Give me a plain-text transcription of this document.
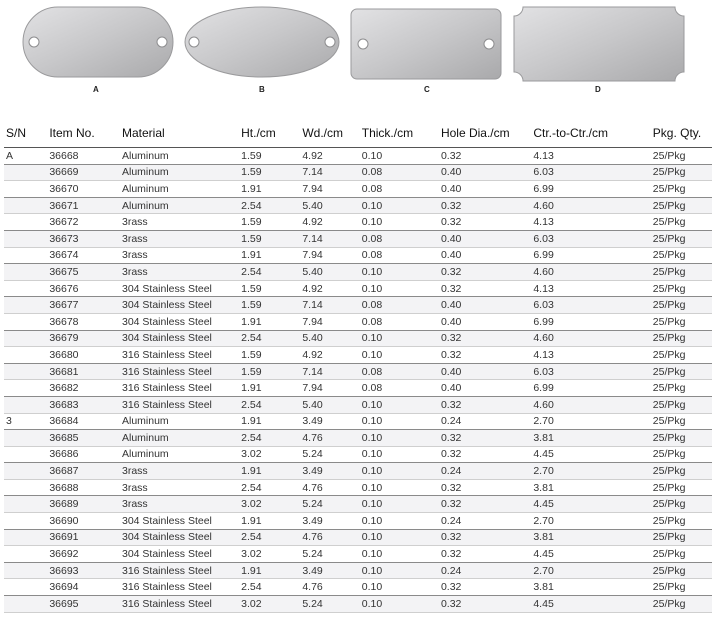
A	B	C	D
S/N	Item No.	Material	Ht./cm	Wd./cm	Thick./cm	Hole Dia./cm	Ctr.-to-Ctr./cm	Pkg. Qty.
A	36668	Aluminum	1.59	4.92	0.10	0.32	4.13	25/Pkg
	36669	Aluminum	1.59	7.14	0.08	0.40	6.03	25/Pkg
	36670	Aluminum	1.91	7.94	0.08	0.40	6.99	25/Pkg
	36671	Aluminum	2.54	5.40	0.10	0.32	4.60	25/Pkg
	36672	3rass	1.59	4.92	0.10	0.32	4.13	25/Pkg
	36673	3rass	1.59	7.14	0.08	0.40	6.03	25/Pkg
	36674	3rass	1.91	7.94	0.08	0.40	6.99	25/Pkg
	36675	3rass	2.54	5.40	0.10	0.32	4.60	25/Pkg
	36676	304 Stainless Steel	1.59	4.92	0.10	0.32	4.13	25/Pkg
	36677	304 Stainless Steel	1.59	7.14	0.08	0.40	6.03	25/Pkg
	36678	304 Stainless Steel	1.91	7.94	0.08	0.40	6.99	25/Pkg
	36679	304 Stainless Steel	2.54	5.40	0.10	0.32	4.60	25/Pkg
	36680	316 Stainless Steel	1.59	4.92	0.10	0.32	4.13	25/Pkg
	36681	316 Stainless Steel	1.59	7.14	0.08	0.40	6.03	25/Pkg
	36682	316 Stainless Steel	1.91	7.94	0.08	0.40	6.99	25/Pkg
	36683	316 Stainless Steel	2.54	5.40	0.10	0.32	4.60	25/Pkg
3	36684	Aluminum	1.91	3.49	0.10	0.24	2.70	25/Pkg
	36685	Aluminum	2.54	4.76	0.10	0.32	3.81	25/Pkg
	36686	Aluminum	3.02	5.24	0.10	0.32	4.45	25/Pkg
	36687	3rass	1.91	3.49	0.10	0.24	2.70	25/Pkg
	36688	3rass	2.54	4.76	0.10	0.32	3.81	25/Pkg
	36689	3rass	3.02	5.24	0.10	0.32	4.45	25/Pkg
	36690	304 Stainless Steel	1.91	3.49	0.10	0.24	2.70	25/Pkg
	36691	304 Stainless Steel	2.54	4.76	0.10	0.32	3.81	25/Pkg
	36692	304 Stainless Steel	3.02	5.24	0.10	0.32	4.45	25/Pkg
	36693	316 Stainless Steel	1.91	3.49	0.10	0.24	2.70	25/Pkg
	36694	316 Stainless Steel	2.54	4.76	0.10	0.32	3.81	25/Pkg
	36695	316 Stainless Steel	3.02	5.24	0.10	0.32	4.45	25/Pkg
